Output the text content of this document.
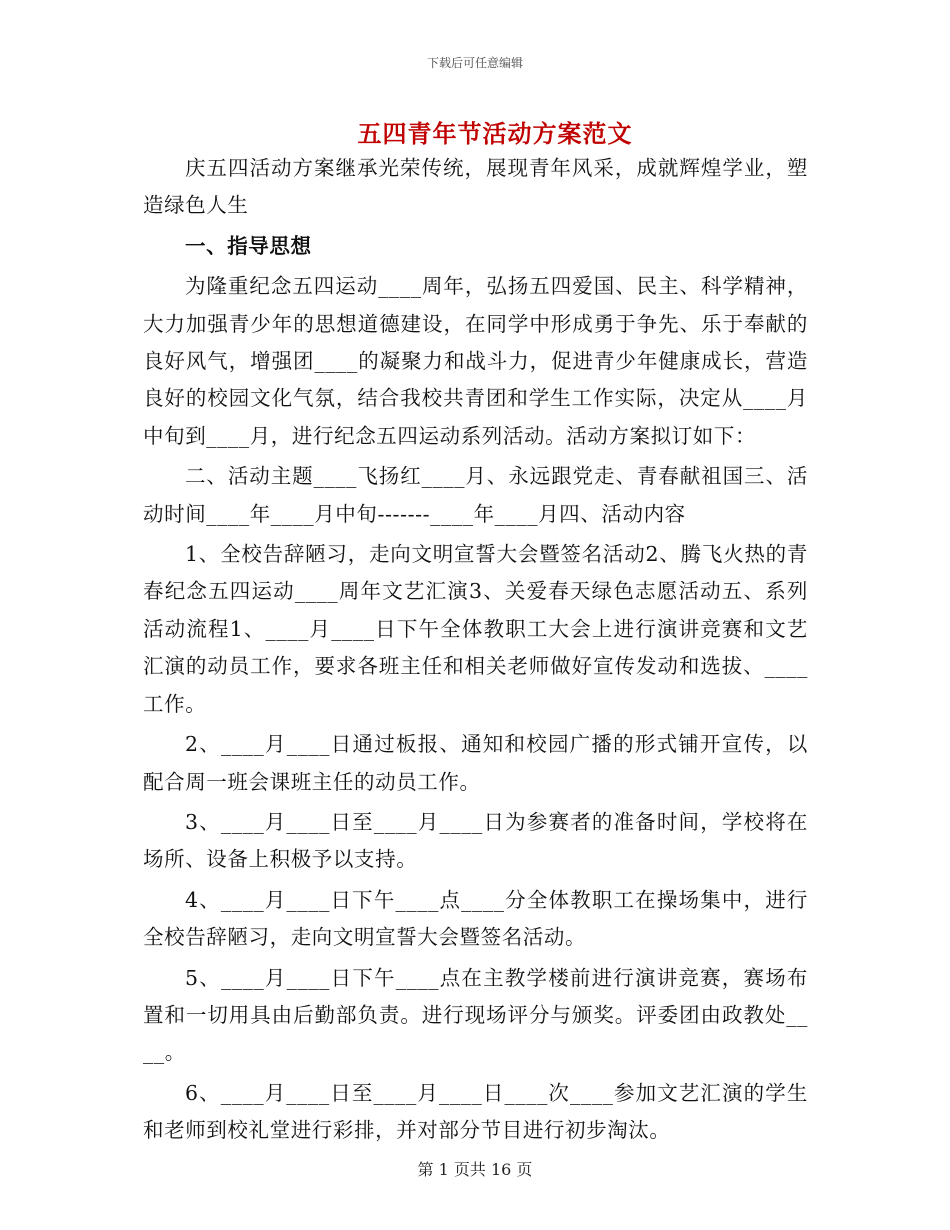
下载后可任意编辑
五四青年节活动方案范文

庆五四活动方案继承光荣传统，展现青年风采，成就辉煌学业，塑造绿色人生

一、指导思想

为隆重纪念五四运动____周年，弘扬五四爱国、民主、科学精神，大力加强青少年的思想道德建设，在同学中形成勇于争先、乐于奉献的良好风气，增强团____的凝聚力和战斗力，促进青少年健康成长，营造良好的校园文化气氛，结合我校共青团和学生工作实际，决定从____月中旬到____月，进行纪念五四运动系列活动。活动方案拟订如下：

二、活动主题____飞扬红____月、永远跟党走、青春献祖国三、活动时间____年____月中旬-------____年____月四、活动内容

1、全校告辞陋习，走向文明宣誓大会暨签名活动2、腾飞火热的青春纪念五四运动____周年文艺汇演3、关爱春天绿色志愿活动五、系列活动流程1、____月____日下午全体教职工大会上进行演讲竞赛和文艺汇演的动员工作，要求各班主任和相关老师做好宣传发动和选拔、____工作。

2、____月____日通过板报、通知和校园广播的形式铺开宣传，以配合周一班会课班主任的动员工作。

3、____月____日至____月____日为参赛者的准备时间，学校将在场所、设备上积极予以支持。

4、____月____日下午____点____分全体教职工在操场集中，进行全校告辞陋习，走向文明宣誓大会暨签名活动。

5、____月____日下午____点在主教学楼前进行演讲竞赛，赛场布置和一切用具由后勤部负责。进行现场评分与颁奖。评委团由政教处____。

6、____月____日至____月____日____次____参加文艺汇演的学生和老师到校礼堂进行彩排，并对部分节目进行初步淘汰。

第 1 页共 16 页
